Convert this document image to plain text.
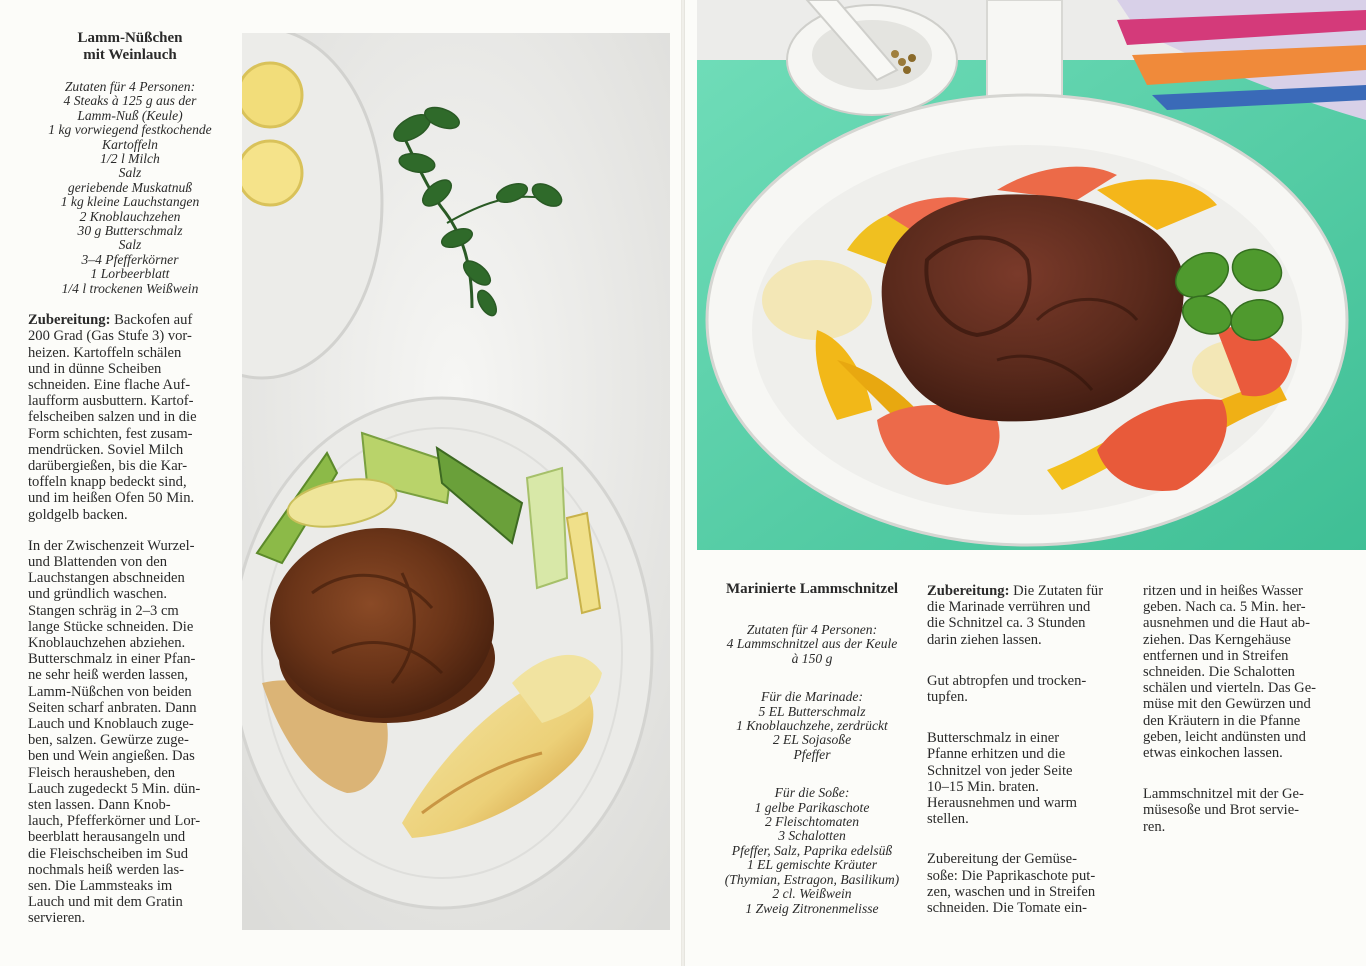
Lamm-Nüßchen
mit Weinlauch
Zutaten für 4 Personen:
4 Steaks à 125 g aus der
Lamm-Nuß (Keule)
1 kg vorwiegend festkochende
Kartoffeln
1/2 l Milch
Salz
geriebende Muskatnuß
1 kg kleine Lauchstangen
2 Knoblauchzehen
30 g Butterschmalz
Salz
3–4 Pfefferkörner
1 Lorbeerblatt
1/4 l trockenen Weißwein
Zubereitung: Backofen auf
200 Grad (Gas Stufe 3) vor-
heizen. Kartoffeln schälen
und in dünne Scheiben
schneiden. Eine flache Auf-
laufform ausbuttern. Kartof-
felscheiben salzen und in die
Form schichten, fest zusam-
mendrücken. Soviel Milch
darübergießen, bis die Kar-
toffeln knapp bedeckt sind,
und im heißen Ofen 50 Min.
goldgelb backen.
In der Zwischenzeit Wurzel-
und Blattenden von den
Lauchstangen abschneiden
und gründlich waschen.
Stangen schräg in 2–3 cm
lange Stücke schneiden. Die
Knoblauchzehen abziehen.
Butterschmalz in einer Pfan-
ne sehr heiß werden lassen,
Lamm-Nüßchen von beiden
Seiten scharf anbraten. Dann
Lauch und Knoblauch zuge-
ben, salzen. Gewürze zuge-
ben und Wein angießen. Das
Fleisch herausheben, den
Lauch zugedeckt 5 Min. dün-
sten lassen. Dann Knob-
lauch, Pfefferkörner und Lor-
beerblatt herausangeln und
die Fleischscheiben im Sud
nochmals heiß werden las-
sen. Die Lammsteaks im
Lauch und mit dem Gratin
servieren.
Marinierte Lammschnitzel
Zutaten für 4 Personen:
4 Lammschnitzel aus der Keule
à 150 g
Für die Marinade:
5 EL Butterschmalz
1 Knoblauchzehe, zerdrückt
2 EL Sojasoße
Pfeffer
Für die Soße:
1 gelbe Parikaschote
2 Fleischtomaten
3 Schalotten
Pfeffer, Salz, Paprika edelsüß
1 EL gemischte Kräuter
(Thymian, Estragon, Basilikum)
2 cl. Weißwein
1 Zweig Zitronenmelisse
Zubereitung: Die Zutaten für
die Marinade verrühren und
die Schnitzel ca. 3 Stunden
darin ziehen lassen.
Gut abtropfen und trocken-
tupfen.
Butterschmalz in einer
Pfanne erhitzen und die
Schnitzel von jeder Seite
10–15 Min. braten.
Herausnehmen und warm
stellen.
Zubereitung der Gemüse-
soße: Die Paprikaschote put-
zen, waschen und in Streifen
schneiden. Die Tomate ein-
ritzen und in heißes Wasser
geben. Nach ca. 5 Min. her-
ausnehmen und die Haut ab-
ziehen. Das Kerngehäuse
entfernen und in Streifen
schneiden. Die Schalotten
schälen und vierteln. Das Ge-
müse mit den Gewürzen und
den Kräutern in die Pfanne
geben, leicht andünsten und
etwas einkochen lassen.
Lammschnitzel mit der Ge-
müsesoße und Brot servie-
ren.
